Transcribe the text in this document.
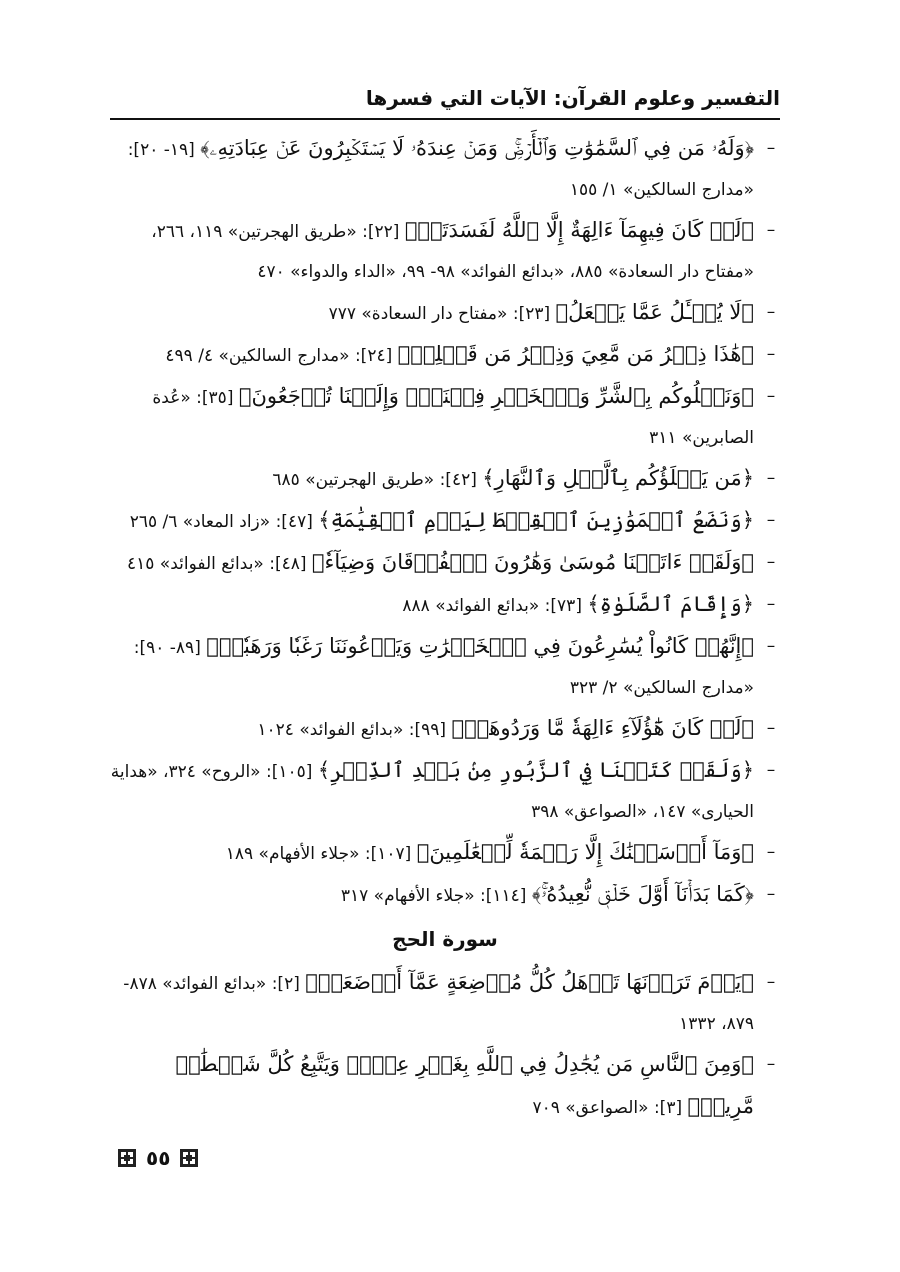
التفسير وعلوم القرآن: الآيات التي فسرها
–
﴿وَلَهُۥ مَن فِي ٱلسَّمَٰوَٰتِ وَٱلۡأَرۡضِۚ وَمَنۡ عِندَهُۥ لَا يَسۡتَكۡبِرُونَ عَنۡ عِبَادَتِهِۦ﴾ [١٩- ٢٠]: «مدارج السالكين» ١/ ١٥٥
–
﴿لَوۡ كَانَ فِيهِمَآ ءَالِهَةٌ إِلَّا ٱللَّهُ لَفَسَدَتَاۚ﴾ [٢٢]: «طريق الهجرتين» ١١٩، ٢٦٦، «مفتاح دار السعادة» ٨٨٥، «بدائع الفوائد» ٩٨- ٩٩، «الداء والدواء» ٤٧٠
–
﴿لَا يُسۡـَٔلُ عَمَّا يَفۡعَلُ﴾ [٢٣]: «مفتاح دار السعادة» ٧٧٧
–
﴿هَٰذَا ذِكۡرُ مَن مَّعِيَ وَذِكۡرُ مَن قَبۡلِيۚ﴾ [٢٤]: «مدارج السالكين» ٤/ ٤٩٩
–
﴿وَنَبۡلُوكُم بِٱلشَّرِّ وَٱلۡخَيۡرِ فِتۡنَةٗۖ وَإِلَيۡنَا تُرۡجَعُونَ﴾ [٣٥]: «عُدة الصابرين» ٣١١
–
﴿مَن يَكۡلَؤُكُم بِٱلَّيۡلِ وَٱلنَّهَارِ﴾ [٤٢]: «طريق الهجرتين» ٦٨٥
–
﴿وَنَضَعُ ٱلۡمَوَٰزِينَ ٱلۡقِسۡطَ لِيَوۡمِ ٱلۡقِيَٰمَةِ﴾ [٤٧]: «زاد المعاد» ٦/ ٢٦٥
–
﴿وَلَقَدۡ ءَاتَيۡنَا مُوسَىٰ وَهَٰرُونَ ٱلۡفُرۡقَانَ وَضِيَآءٗ﴾ [٤٨]: «بدائع الفوائد» ٤١٥
–
﴿وَإِقَامَ ٱلصَّلَوٰةِ﴾ [٧٣]: «بدائع الفوائد» ٨٨٨
–
﴿إِنَّهُمۡ كَانُواْ يُسَٰرِعُونَ فِي ٱلۡخَيۡرَٰتِ وَيَدۡعُونَنَا رَغَبٗا وَرَهَبٗاۖ﴾ [٨٩- ٩٠]: «مدارج السالكين» ٢/ ٣٢٣
–
﴿لَوۡ كَانَ هَٰٓؤُلَآءِ ءَالِهَةٗ مَّا وَرَدُوهَاۖ﴾ [٩٩]: «بدائع الفوائد» ١٠٢٤
–
﴿وَلَقَدۡ كَتَبۡنَا فِي ٱلزَّبُورِ مِنۢ بَعۡدِ ٱلذِّكۡرِ﴾ [١٠٥]: «الروح» ٣٢٤، «هداية الحيارى» ١٤٧، «الصواعق» ٣٩٨
–
﴿وَمَآ أَرۡسَلۡنَٰكَ إِلَّا رَحۡمَةٗ لِّلۡعَٰلَمِينَ﴾ [١٠٧]: «جلاء الأفهام» ١٨٩
–
﴿كَمَا بَدَأۡنَآ أَوَّلَ خَلۡقٖ نُّعِيدُهُۥۚ﴾ [١١٤]: «جلاء الأفهام» ٣١٧
سورة الحج
–
﴿يَوۡمَ تَرَوۡنَهَا تَذۡهَلُ كُلُّ مُرۡضِعَةٍ عَمَّآ أَرۡضَعَتۡ﴾ [٢]: «بدائع الفوائد» ٨٧٨- ٨٧٩، ١٣٣٢
–
﴿وَمِنَ ٱلنَّاسِ مَن يُجَٰدِلُ فِي ٱللَّهِ بِغَيۡرِ عِلۡمٖ وَيَتَّبِعُ كُلَّ شَيۡطَٰنٖ مَّرِيدٖ﴾ [٣]: «الصواعق» ٧٠٩
٥٥
